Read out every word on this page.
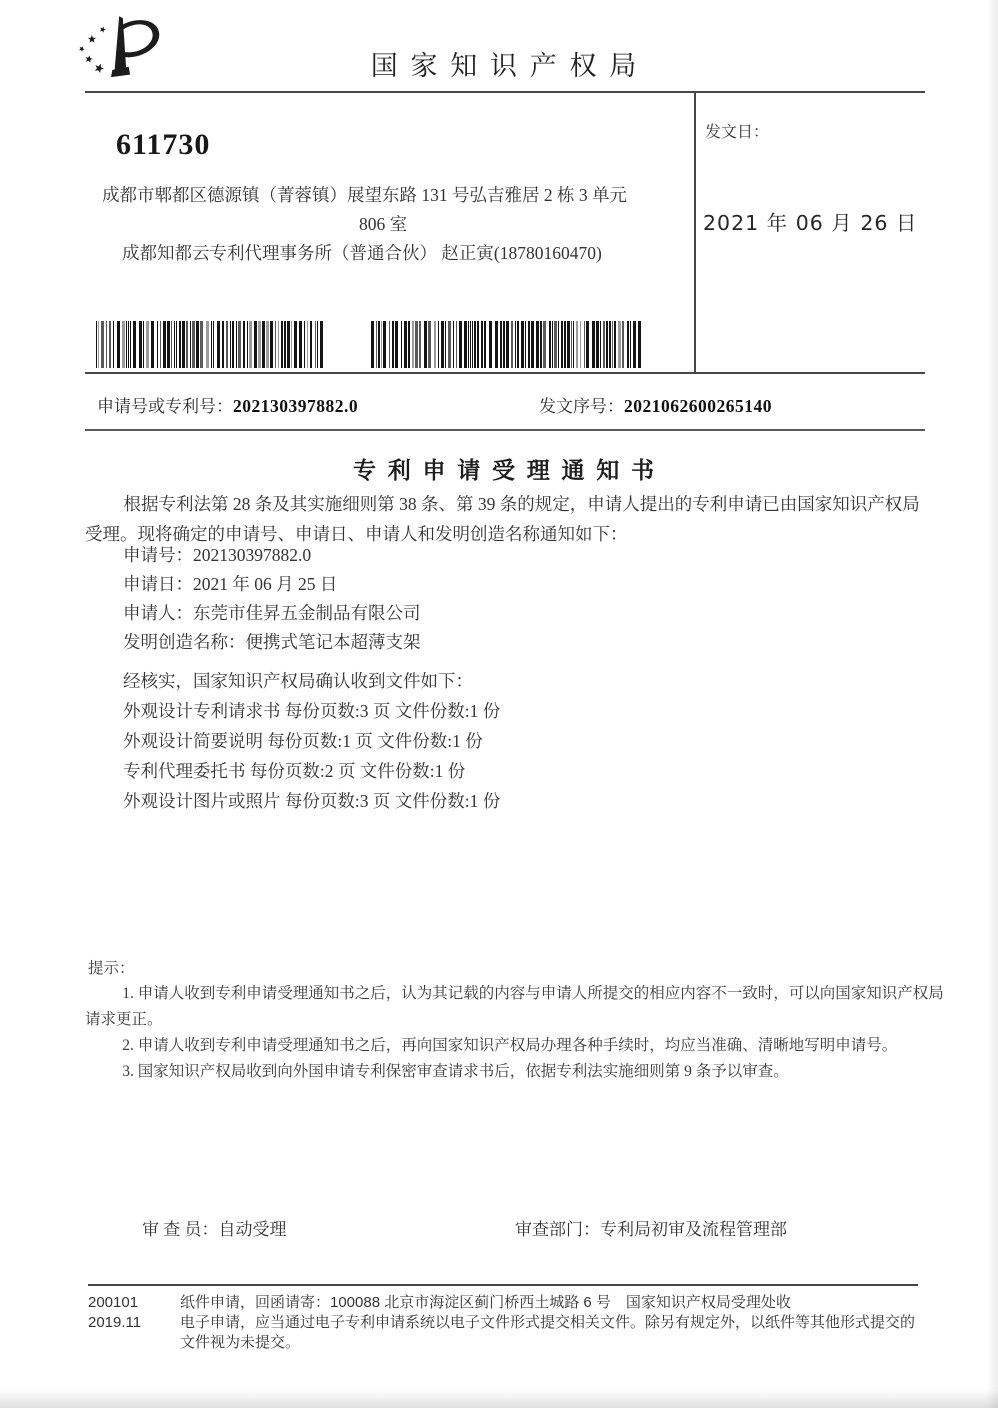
国 家 知 识 产 权 局
611730
成都市郫都区德源镇（菁蓉镇）展望东路 131 号弘吉雅居 2 栋 3 单元
806 室
成都知都云专利代理事务所（普通合伙） 赵正寅(18780160470)
发文日：
2021 年 06 月 26 日
申请号或专利号：202130397882.0	发文序号：2021062600265140
专 利 申 请 受 理 通 知 书
根据专利法第 28 条及其实施细则第 38 条、第 39 条的规定，申请人提出的专利申请已由国家知识产权局
受理。现将确定的申请号、申请日、申请人和发明创造名称通知如下：
申请号：202130397882.0
申请日：2021 年 06 月 25 日
申请人：东莞市佳昇五金制品有限公司
发明创造名称：便携式笔记本超薄支架
经核实，国家知识产权局确认收到文件如下：
外观设计专利请求书 每份页数:3 页 文件份数:1 份
外观设计简要说明 每份页数:1 页 文件份数:1 份
专利代理委托书 每份页数:2 页 文件份数:1 份
外观设计图片或照片 每份页数:3 页 文件份数:1 份
提示：
1. 申请人收到专利申请受理通知书之后，认为其记载的内容与申请人所提交的相应内容不一致时，可以向国家知识产权局
请求更正。
2. 申请人收到专利申请受理通知书之后，再向国家知识产权局办理各种手续时，均应当准确、清晰地写明申请号。
3. 国家知识产权局收到向外国申请专利保密审查请求书后，依据专利法实施细则第 9 条予以审查。
审 查 员：自动受理	审查部门：专利局初审及流程管理部
200101
2019.11
纸件申请，回函请寄：100088 北京市海淀区蓟门桥西土城路 6 号　国家知识产权局受理处收
电子申请，应当通过电子专利申请系统以电子文件形式提交相关文件。除另有规定外，以纸件等其他形式提交的
文件视为未提交。
